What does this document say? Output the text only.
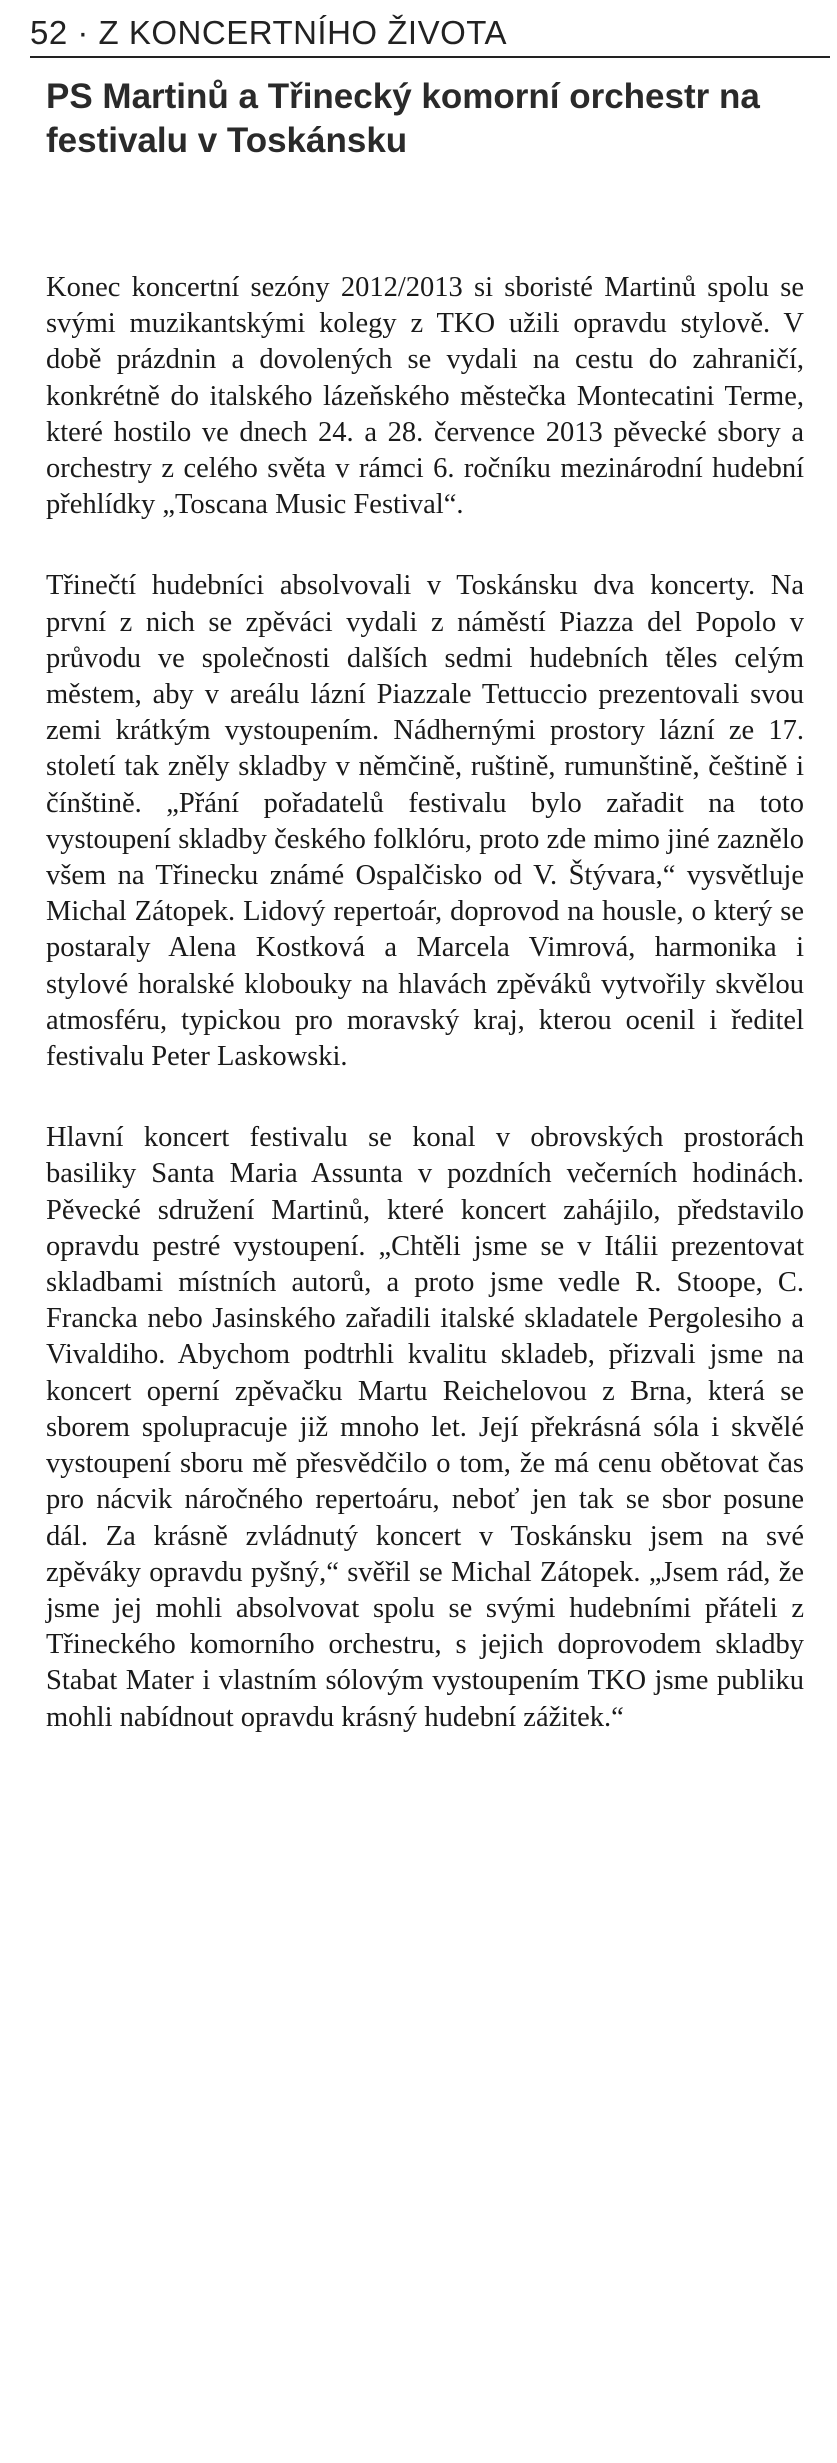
52 · Z KONCERTNÍHO ŽIVOTA
PS Martinů a Třinecký komorní orchestr na festivalu v Toskánsku

Konec koncertní sezóny 2012/2013 si sboristé Martinů spolu se svými muzikantskými kolegy z TKO užili opravdu stylově. V době prázdnin a dovolených se vydali na cestu do zahraničí, konkrétně do italského lázeňského městečka Montecatini Terme, které hostilo ve dnech 24. a 28. července 2013 pěvecké sbory a orchestry z celého světa v rámci 6. ročníku mezinárodní hudební přehlídky „Toscana Music Festival“.

Třinečtí hudebníci absolvovali v Toskánsku dva koncerty. Na první z nich se zpěváci vydali z náměstí Piazza del Popolo v průvodu ve společnosti dalších sedmi hudebních těles celým městem, aby v areálu lázní Piazzale Tettuccio prezentovali svou zemi krátkým vystoupením. Nádhernými prostory lázní ze 17. století tak zněly skladby v němčině, ruštině, rumunštině, češtině i čínštině. „Přání pořadatelů festivalu bylo zařadit na toto vystoupení skladby českého folklóru, proto zde mimo jiné zaznělo všem na Třinecku známé Ospalčisko od V. Štývara,“ vysvětluje Michal Zátopek. Lidový repertoár, doprovod na housle, o který se postaraly Alena Kostková a Marcela Vimrová, harmonika i stylové horalské klobouky na hlavách zpěváků vytvořily skvělou atmosféru, typickou pro moravský kraj, kterou ocenil i ředitel festivalu Peter Laskowski.

Hlavní koncert festivalu se konal v obrovských prostorách basiliky Santa Maria Assunta v pozdních večerních hodinách. Pěvecké sdružení Martinů, které koncert zahájilo, představilo opravdu pestré vystoupení. „Chtěli jsme se v Itálii prezentovat skladbami místních autorů, a proto jsme vedle R. Stoope, C. Francka nebo Jasinského zařadili italské skladatele Pergolesiho a Vivaldiho. Abychom podtrhli kvalitu skladeb, přizvali jsme na koncert operní zpěvačku Martu Reichelovou z Brna, která se sborem spolupracuje již mnoho let. Její překrásná sóla i skvělé vystoupení sboru mě přesvědčilo o tom, že má cenu obětovat čas pro nácvik náročného repertoáru, neboť jen tak se sbor posune dál. Za krásně zvládnutý koncert v Toskánsku jsem na své zpěváky opravdu pyšný,“ svěřil se Michal Zátopek. „Jsem rád, že jsme jej mohli absolvovat spolu se svými hudebními přáteli z Třineckého komorního orchestru, s jejich doprovodem skladby Stabat Mater i vlastním sólovým vystoupením TKO jsme publiku mohli nabídnout opravdu krásný hudební zážitek.“
